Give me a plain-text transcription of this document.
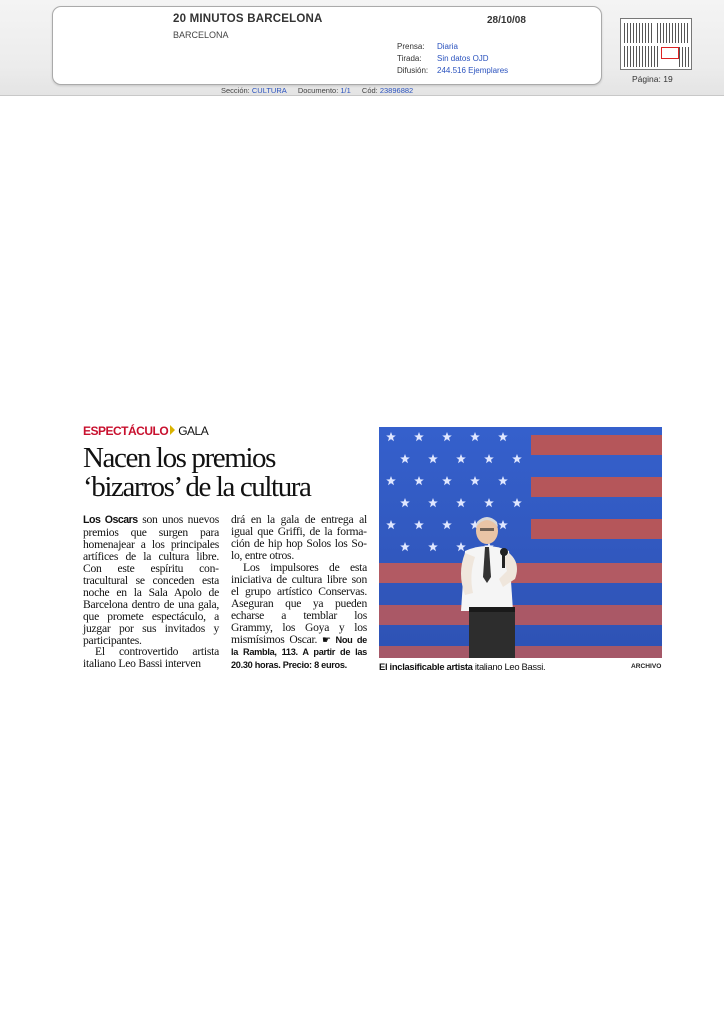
20 MINUTOS BARCELONA
BARCELONA
28/10/08
Prensa: Diaria
Tirada: Sin datos OJD
Difusión: 244.516 Ejemplares
Página: 19
Sección: CULTURA Documento: 1/1 Cód: 23896882
ESPECTÁCULO GALA
Nacen los premios ‘bizarros’ de la cultura

Los Oscars son unos nuevos premios que surgen para homenajear a los principales artífices de la cultura libre. Con este espíritu contracultural se conceden esta noche en la Sala Apolo de Barcelona dentro de una gala, que promete espectáculo, a juzgar por sus invitados y participantes.

El controvertido artista italiano Leo Bassi interven

drá en la gala de entrega al igual que Griffi, de la formación de hip hop Solos los Solo, entre otros.

Los impulsores de esta iniciativa de cultura libre son el grupo artístico Conservas. Aseguran que ya pueden echarse a temblar los Grammy, los Goya y los mismísimos Oscar. ☛ Nou de la Rambla, 113. A partir de las 20.30 horas. Precio: 8 euros.	El inclasificable artista italiano Leo Bassi.	ARCHIVO
